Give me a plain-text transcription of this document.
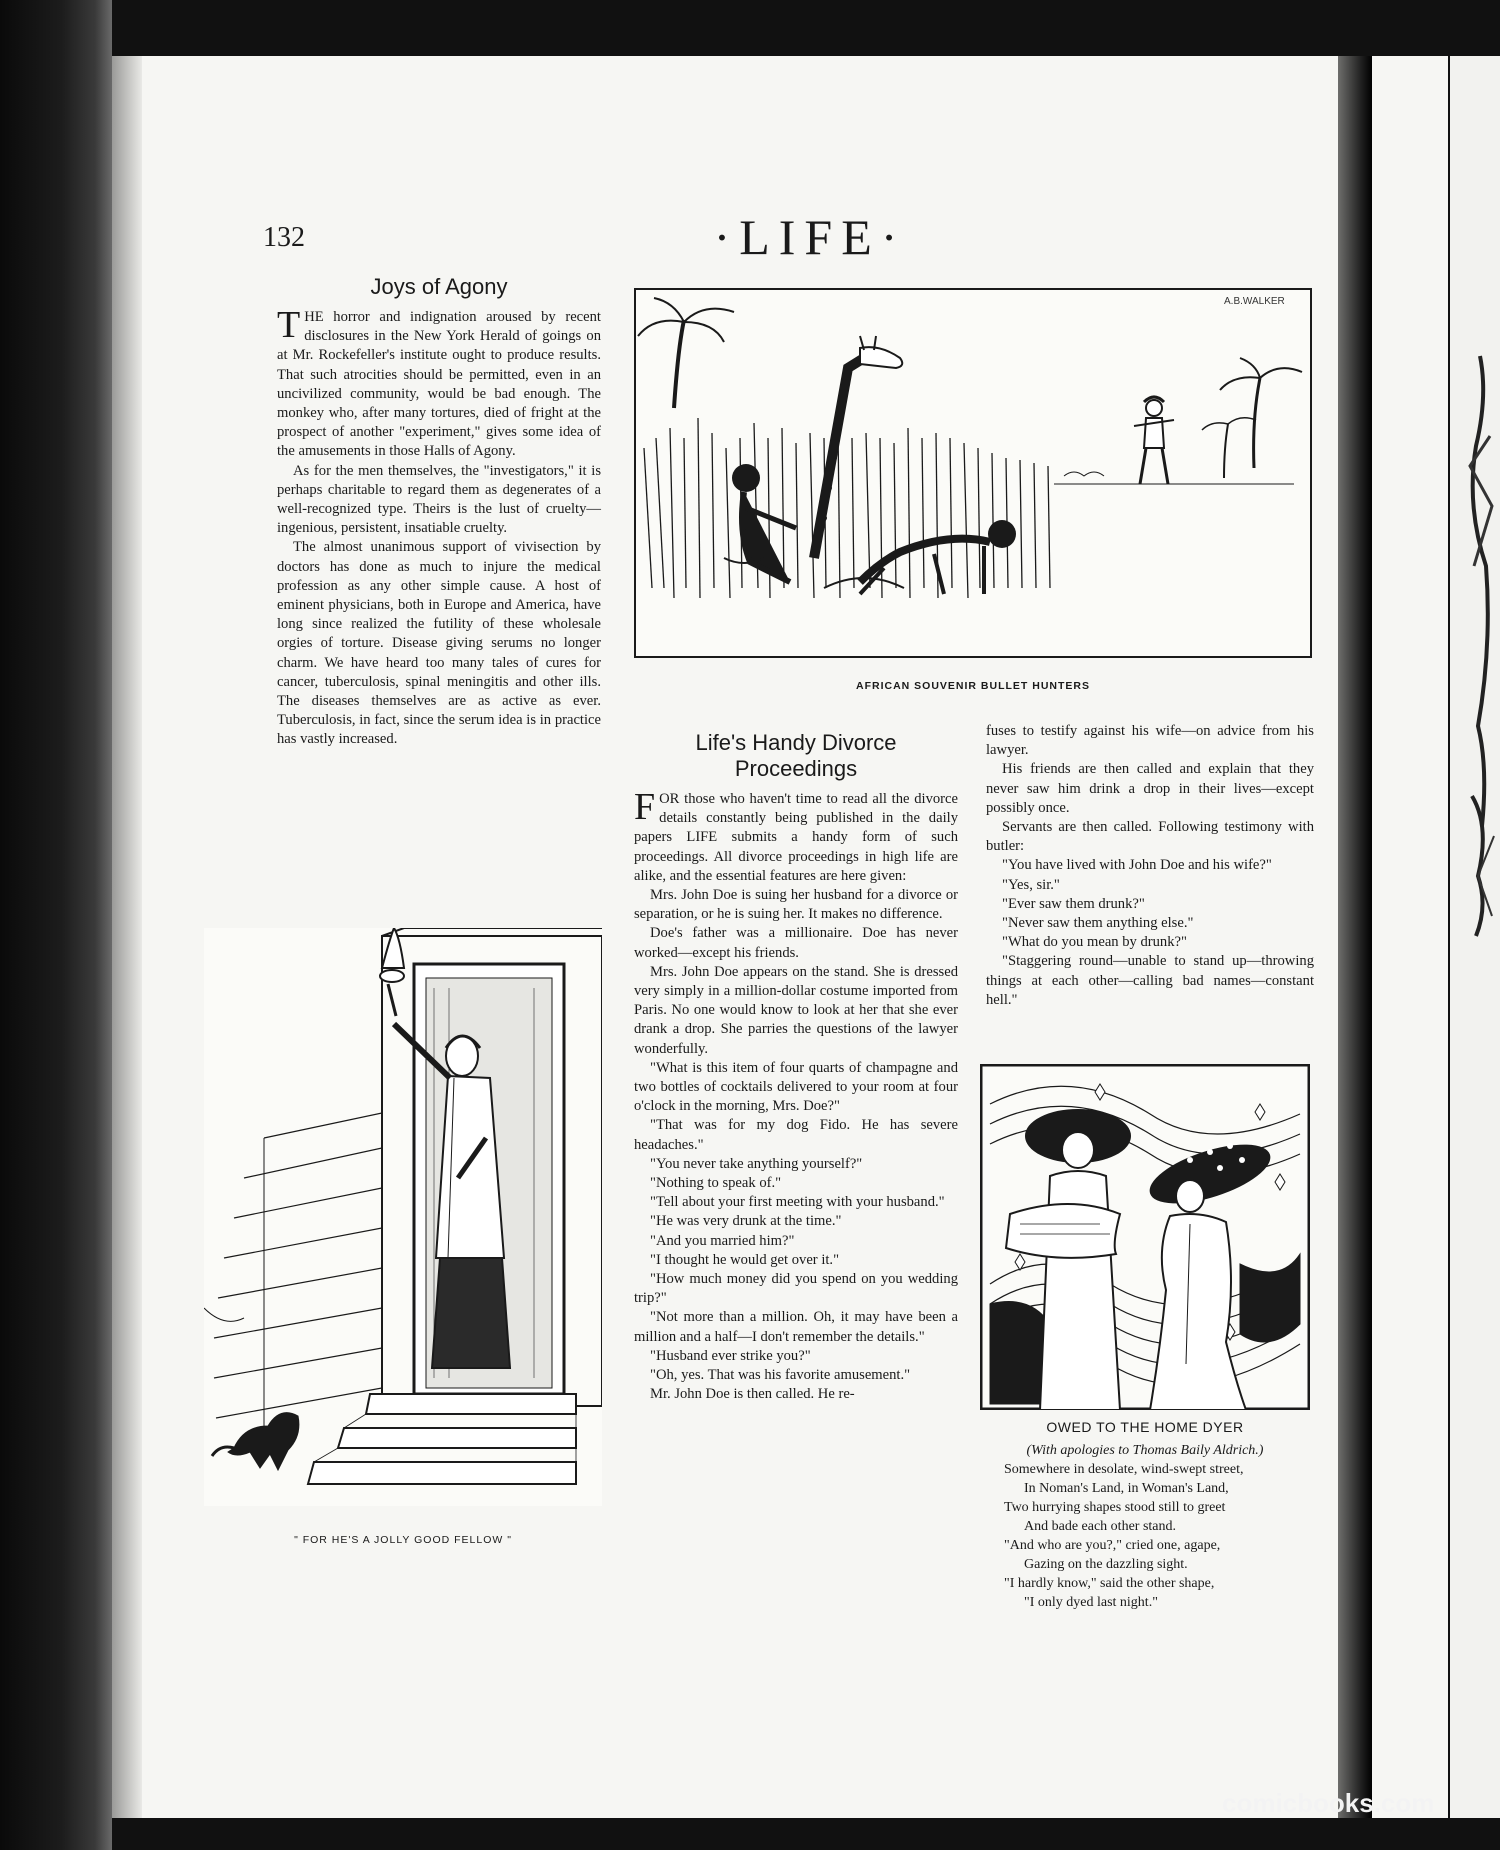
132	·LIFE·
Joys of Agony

THE horror and indignation aroused by recent disclosures in the New York Herald of goings on at Mr. Rockefeller's institute ought to produce results. That such atrocities should be permitted, even in an uncivilized community, would be bad enough. The monkey who, after many tortures, died of fright at the prospect of another "experiment," gives some idea of the amusements in those Halls of Agony.

As for the men themselves, the "investigators," it is perhaps charitable to regard them as degenerates of a well-recognized type. Theirs is the lust of cruelty—ingenious, persistent, insatiable cruelty.

The almost unanimous support of vivisection by doctors has done as much to injure the medical profession as any other simple cause. A host of eminent physicians, both in Europe and America, have long since realized the futility of these wholesale orgies of torture. Disease giving serums no longer charm. We have heard too many tales of cures for cancer, tuberculosis, spinal meningitis and other ills. The diseases themselves are as active as ever. Tuberculosis, in fact, since the serum idea is in practice has vastly increased.

" FOR HE'S A JOLLY GOOD FELLOW "
A.B.WALKER
AFRICAN SOUVENIR BULLET HUNTERS
Life's Handy Divorce Proceedings

FOR those who haven't time to read all the divorce details constantly being published in the daily papers LIFE submits a handy form of such proceedings. All divorce proceedings in high life are alike, and the essential features are here given:

Mrs. John Doe is suing her husband for a divorce or separation, or he is suing her. It makes no difference.

Doe's father was a millionaire. Doe has never worked—except his friends.

Mrs. John Doe appears on the stand. She is dressed very simply in a million-dollar costume imported from Paris. No one would know to look at her that she ever drank a drop. She parries the questions of the lawyer wonderfully.

"What is this item of four quarts of champagne and two bottles of cocktails delivered to your room at four o'clock in the morning, Mrs. Doe?"

"That was for my dog Fido. He has severe headaches."

"You never take anything yourself?"

"Nothing to speak of."

"Tell about your first meeting with your husband."

"He was very drunk at the time."

"And you married him?"

"I thought he would get over it."

"How much money did you spend on you wedding trip?"

"Not more than a million. Oh, it may have been a million and a half—I don't remember the details."

"Husband ever strike you?"

"Oh, yes. That was his favorite amusement."

Mr. John Doe is then called. He re-

fuses to testify against his wife—on advice from his lawyer.

His friends are then called and explain that they never saw him drink a drop in their lives—except possibly once.

Servants are then called. Following testimony with butler:

"You have lived with John Doe and his wife?"

"Yes, sir."

"Ever saw them drunk?"

"Never saw them anything else."

"What do you mean by drunk?"

"Staggering round—unable to stand up—throwing things at each other—calling bad names—constant hell."

OWED TO THE HOME DYER
(With apologies to Thomas Baily Aldrich.)
Somewhere in desolate, wind-swept street,
In Noman's Land, in Woman's Land,
Two hurrying shapes stood still to greet
And bade each other stand.
"And who are you?," cried one, agape,
Gazing on the dazzling sight.
"I hardly know," said the other shape,
"I only dyed last night."
comicbooks.com
